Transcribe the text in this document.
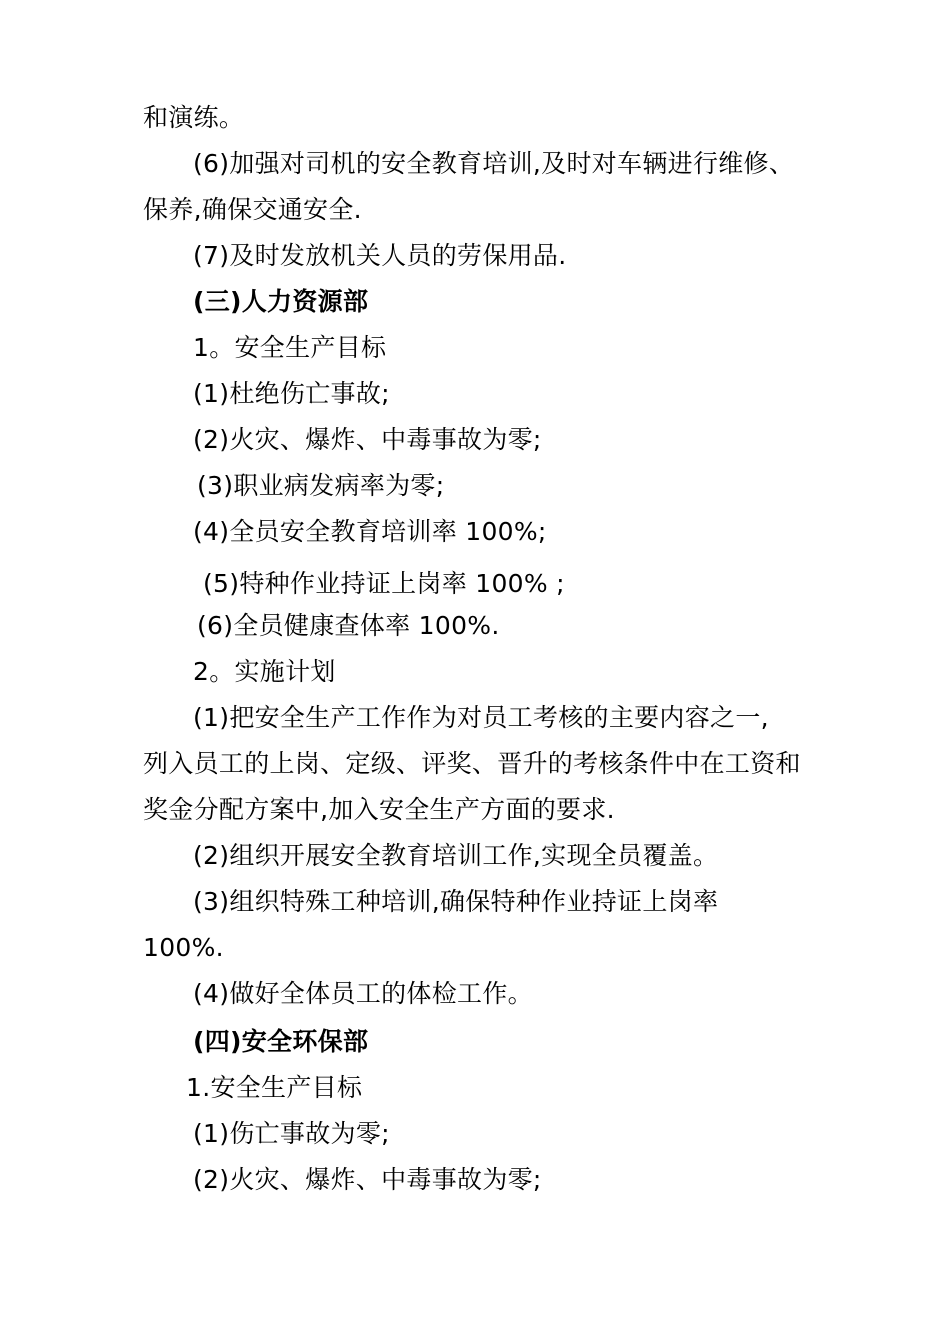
和演练。
(6)加强对司机的安全教育培训,及时对车辆进行维修、
保养,确保交通安全.
(7)及时发放机关人员的劳保用品.
(三)人力资源部
1。安全生产目标
(1)杜绝伤亡事故;
(2)火灾、爆炸、中毒事故为零;
(3)职业病发病率为零;
(4)全员安全教育培训率 100%;
(5)特种作业持证上岗率 100% ;
(6)全员健康查体率 100%.
2。实施计划
(1)把安全生产工作作为对员工考核的主要内容之一,
列入员工的上岗、定级、评奖、晋升的考核条件中在工资和
奖金分配方案中,加入安全生产方面的要求.
(2)组织开展安全教育培训工作,实现全员覆盖。
(3)组织特殊工种培训,确保特种作业持证上岗率
100%.
(4)做好全体员工的体检工作。
(四)安全环保部
1.安全生产目标
(1)伤亡事故为零;
(2)火灾、爆炸、中毒事故为零;
